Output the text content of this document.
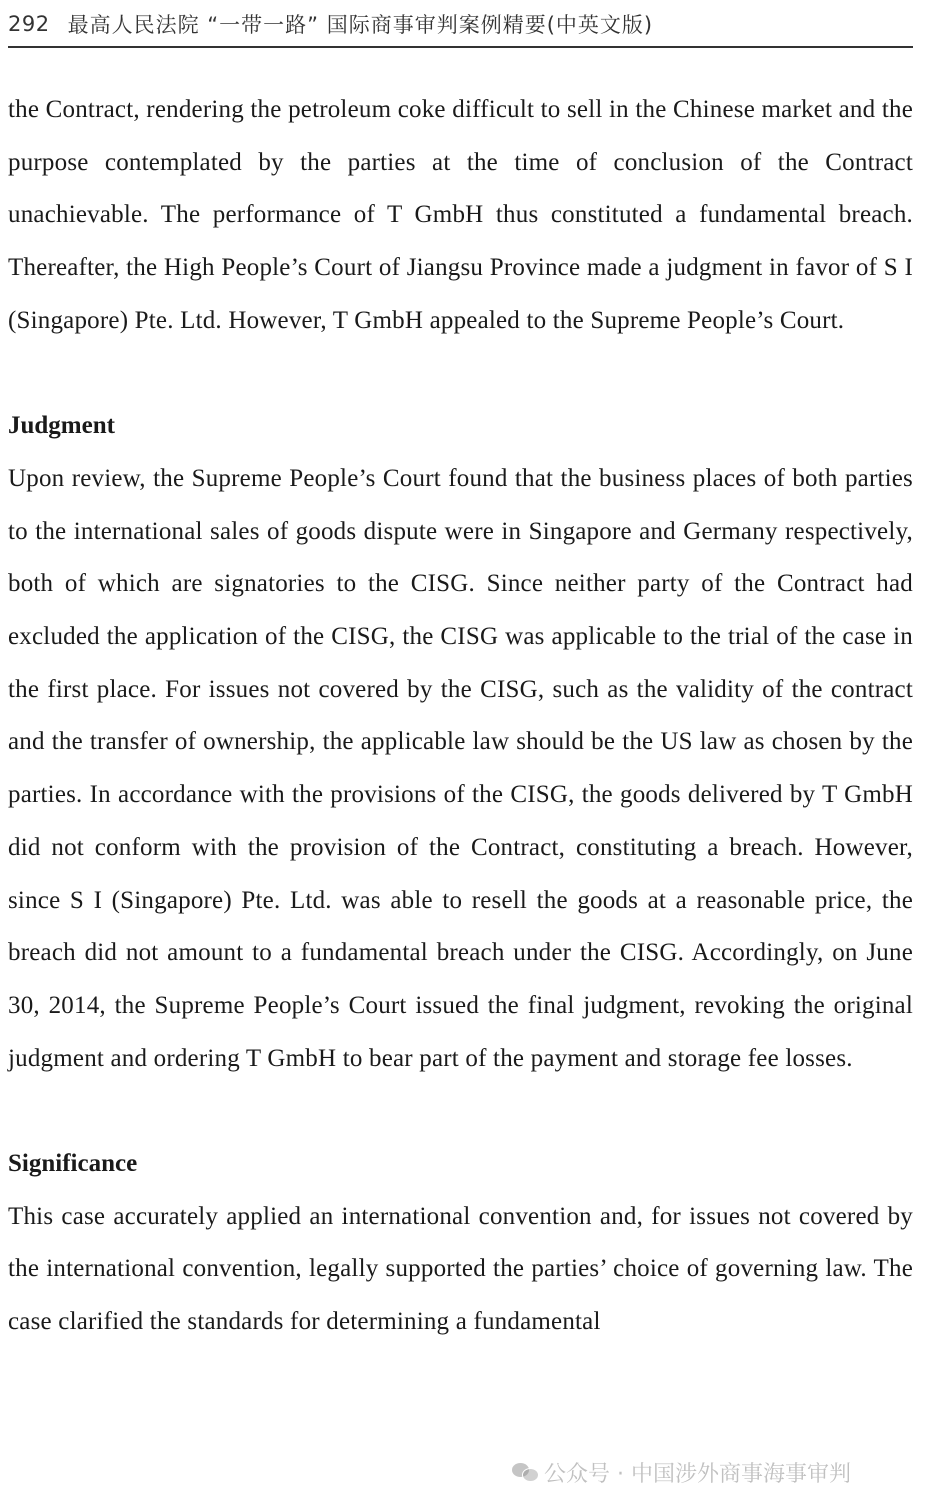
292 最高人民法院 “一带一路” 国际商事审判案例精要(中英文版)

the Contract, rendering the petroleum coke difficult to sell in the Chinese market and the purpose contemplated by the parties at the time of conclusion of the Contract unachievable. The performance of T GmbH thus constituted a fundamental breach. Thereafter, the High People’s Court of Jiangsu Province made a judgment in favor of S I (Singapore) Pte. Ltd. However, T GmbH appealed to the Supreme People’s Court.

Judgment

Upon review, the Supreme People’s Court found that the business places of both parties to the international sales of goods dispute were in Singapore and Germany respectively, both of which are signatories to the CISG. Since neither party of the Contract had excluded the application of the CISG, the CISG was applicable to the trial of the case in the first place. For issues not covered by the CISG, such as the validity of the contract and the transfer of ownership, the applicable law should be the US law as chosen by the parties. In accordance with the provisions of the CISG, the goods delivered by T GmbH did not conform with the provision of the Contract, constituting a breach. However, since S I (Singapore) Pte. Ltd. was able to resell the goods at a reasonable price, the breach did not amount to a fundamental breach under the CISG. Accordingly, on June 30, 2014, the Supreme People’s Court issued the final judgment, revoking the original judgment and ordering T GmbH to bear part of the payment and storage fee losses.

Significance

This case accurately applied an international convention and, for issues not covered by the international convention, legally supported the parties’ choice of governing law. The case clarified the standards for determining a fundamental

公众号 · 中国涉外商事海事审判
